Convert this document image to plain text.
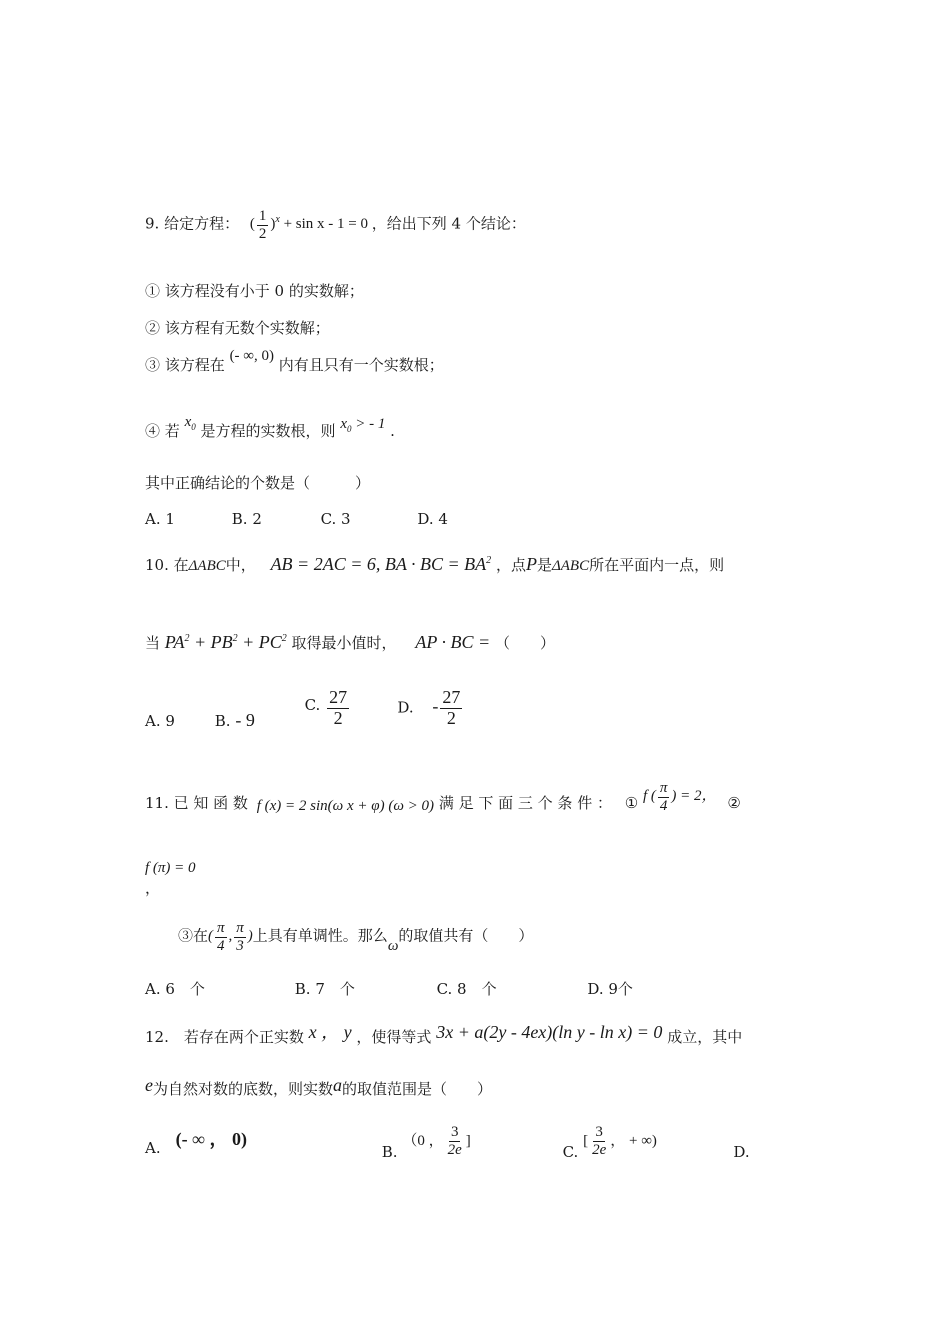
9. 给定方程： ( $\frac{1}{2} )^x + \sin x - 1 = 0$ ，给出下列 4 个结论：
① 该方程没有小于 0 的实数解；
② 该方程有无数个实数解；
③ 该方程在 (- ∞, 0) 内有且只有一个实数根；
④ 若 $x_0$ 是方程的实数根，则 $x_0$ > - 1 .
其中正确结论的个数是（　　　）
A. 1	B. 2	C. 3	D. 4
10. 在ΔABC中， AB = 2AC = 6, BA · BC = $BA^2$ ，点P是ΔABC所在平面内一点，则
当 $PA^2 + PB^2 + PC^2$ 取得最小值时， AP · BC = （　　）
A. 9	B. - 9 C. $\frac{27}{2}$	D. - $\frac{27}{2}$
11. 已 知 函 数 f (x) = 2 sin(ω x + φ) (ω > 0) 满 足 下 面 三 个 条 件 ： ① f ( $\frac{\pi}{4}$ ) = 2， ②
f (π) = 0
，
③在( $\frac{\pi}{4}$ , $\frac{\pi}{3}$ )上具有单调性。那么ω的取值共有（　　）
A. 6　个	B. 7　个	C. 8　个	D. 9个
12.　若存在两个正实数 x ， y ，使得等式 3x + a(2y - 4ex)(ln y - ln x) = 0 成立，其中
e为自然对数的底数，则实数a的取值范围是（　　）
A.　 (- ∞ ， 0) B. （0 ， $\frac{3}{2e}$ ] C. [ $\frac{3}{2e}$ ， + ∞) D.
